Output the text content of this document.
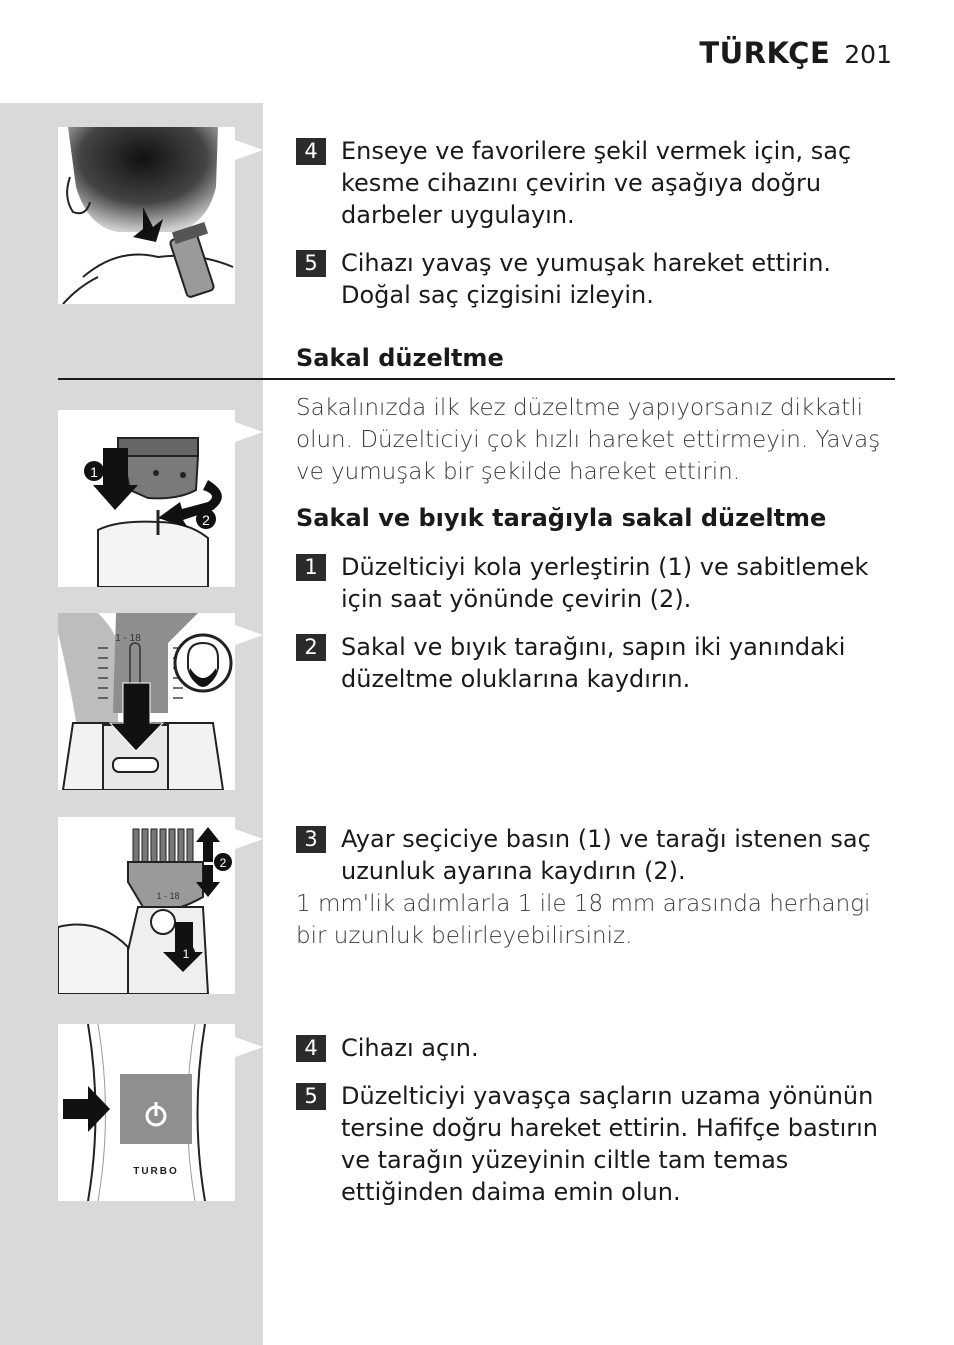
TÜRKÇE 201
1
2
1 - 18
1 - 18
2
1
TURBO
4 Enseye ve favorilere şekil vermek için, saç kesme cihazını çevirin ve aşağıya doğru darbeler uygulayın.
5 Cihazı yavaş ve yumuşak hareket ettirin. Doğal saç çizgisini izleyin.
Sakal düzeltme
Sakalınızda ilk kez düzeltme yapıyorsanız dikkatli olun. Düzelticiyi çok hızlı hareket ettirmeyin. Yavaş ve yumuşak bir şekilde hareket ettirin.
Sakal ve bıyık tarağıyla sakal düzeltme
1 Düzelticiyi kola yerleştirin (1) ve sabitlemek için saat yönünde çevirin (2).
2 Sakal ve bıyık tarağını, sapın iki yanındaki düzeltme oluklarına kaydırın.
3 Ayar seçiciye basın (1) ve tarağı istenen saç uzunluk ayarına kaydırın (2).
1 mm'lik adımlarla 1 ile 18 mm arasında herhangi bir uzunluk belirleyebilirsiniz.
4 Cihazı açın.
5 Düzelticiyi yavaşça saçların uzama yönünün tersine doğru hareket ettirin. Hafifçe bastırın ve tarağın yüzeyinin ciltle tam temas ettiğinden daima emin olun.
